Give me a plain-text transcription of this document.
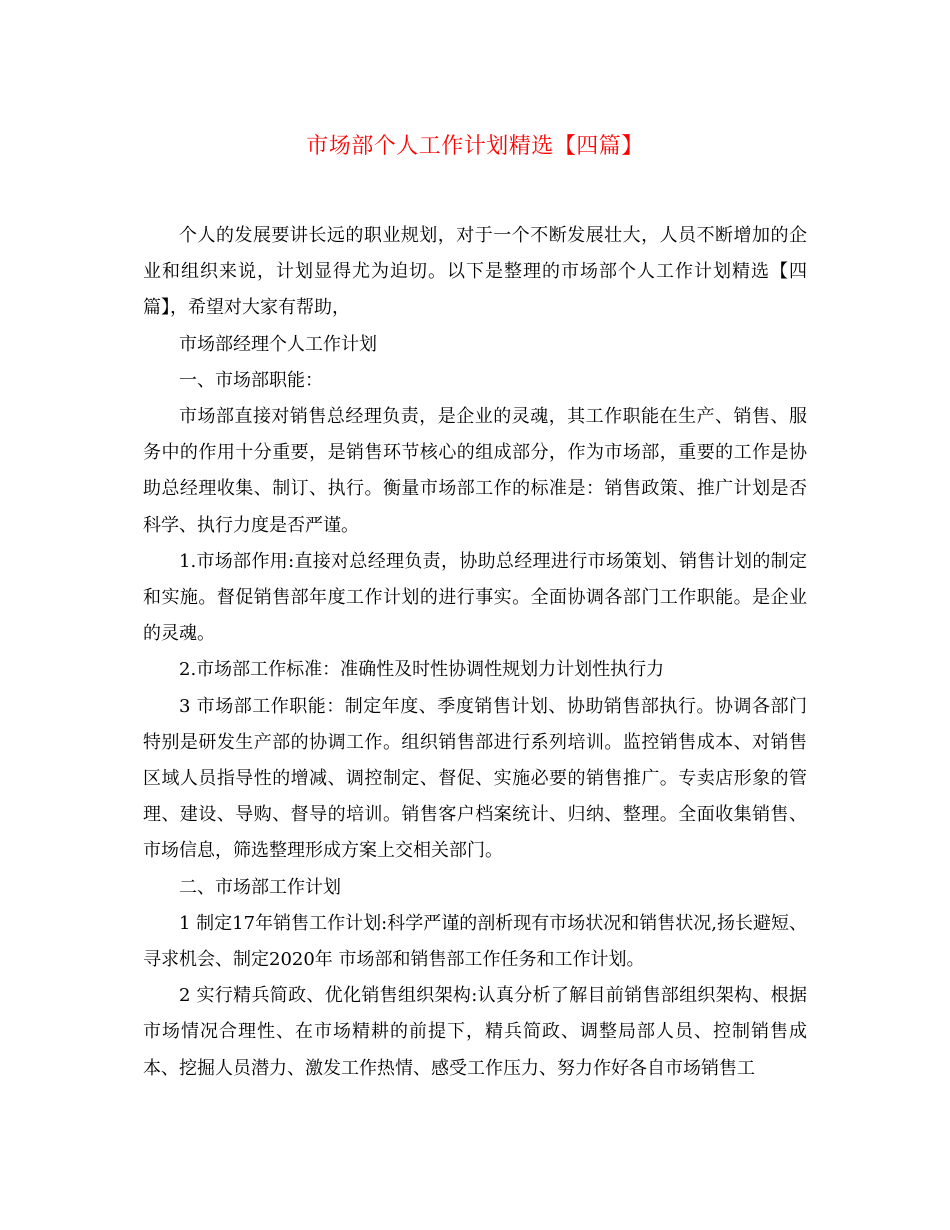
市场部个人工作计划精选【四篇】

个人的发展要讲长远的职业规划，对于一个不断发展壮大，人员不断增加的企业和组织来说，计划显得尤为迫切。以下是整理的市场部个人工作计划精选【四篇】，希望对大家有帮助，

市场部经理个人工作计划

一、市场部职能：

市场部直接对销售总经理负责，是企业的灵魂，其工作职能在生产、销售、服务中的作用十分重要，是销售环节核心的组成部分，作为市场部，重要的工作是协助总经理收集、制订、执行。衡量市场部工作的标准是：销售政策、推广计划是否科学、执行力度是否严谨。

1.市场部作用:直接对总经理负责，协助总经理进行市场策划、销售计划的制定和实施。督促销售部年度工作计划的进行事实。全面协调各部门工作职能。是企业的灵魂。

2.市场部工作标准：准确性及时性协调性规划力计划性执行力

3 市场部工作职能：制定年度、季度销售计划、协助销售部执行。协调各部门特别是研发生产部的协调工作。组织销售部进行系列培训。监控销售成本、对销售区域人员指导性的增减、调控制定、督促、实施必要的销售推广。专卖店形象的管理、建设、导购、督导的培训。销售客户档案统计、归纳、整理。全面收集销售、市场信息，筛选整理形成方案上交相关部门。

二、市场部工作计划

1 制定17年销售工作计划:科学严谨的剖析现有市场状况和销售状况,扬长避短、寻求机会、制定2020年 市场部和销售部工作任务和工作计划。

2 实行精兵简政、优化销售组织架构:认真分析了解目前销售部组织架构、根据市场情况合理性、在市场精耕的前提下，精兵简政、调整局部人员、控制销售成本、挖掘人员潜力、激发工作热情、感受工作压力、努力作好各自市场销售工
